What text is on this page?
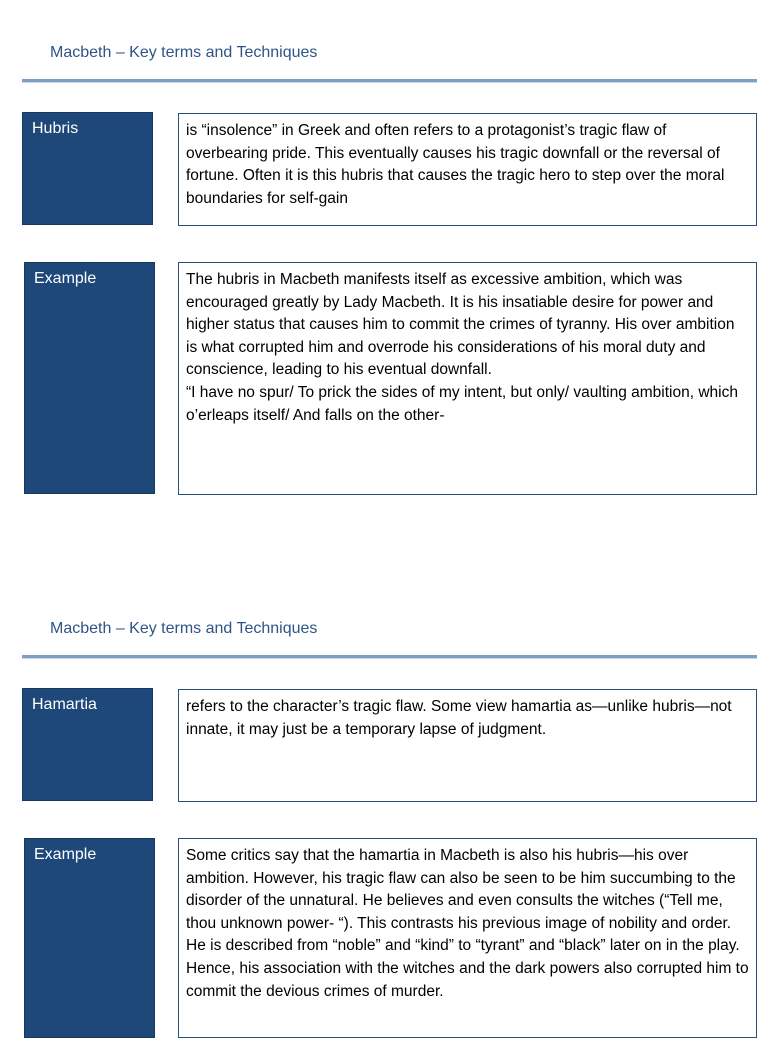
Macbeth – Key terms and Techniques
Hubris	is “insolence” in Greek and often refers to a protagonist’s tragic flaw of overbearing pride. This eventually causes his tragic downfall or the reversal of fortune. Often it is this hubris that causes the tragic hero to step over the moral boundaries for self-gain

Example	The hubris in Macbeth manifests itself as excessive ambition, which was encouraged greatly by Lady Macbeth. It is his insatiable desire for power and higher status that causes him to commit the crimes of tyranny. His over ambition is what corrupted him and overrode his considerations of his moral duty and conscience, leading to his eventual downfall.

“I have no spur/ To prick the sides of my intent, but only/ vaulting ambition, which o’erleaps itself/ And falls on the other-

Macbeth – Key terms and Techniques
Hamartia	refers to the character’s tragic flaw. Some view hamartia as—unlike hubris—not innate, it may just be a temporary lapse of judgment.

Example	Some critics say that the hamartia in Macbeth is also his hubris—his over ambition. However, his tragic flaw can also be seen to be him succumbing to the disorder of the unnatural. He believes and even consults the witches (“Tell me, thou unknown power- “). This contrasts his previous image of nobility and order. He is described from “noble” and “kind” to “tyrant” and “black” later on in the play. Hence, his association with the witches and the dark powers also corrupted him to commit the devious crimes of murder.
